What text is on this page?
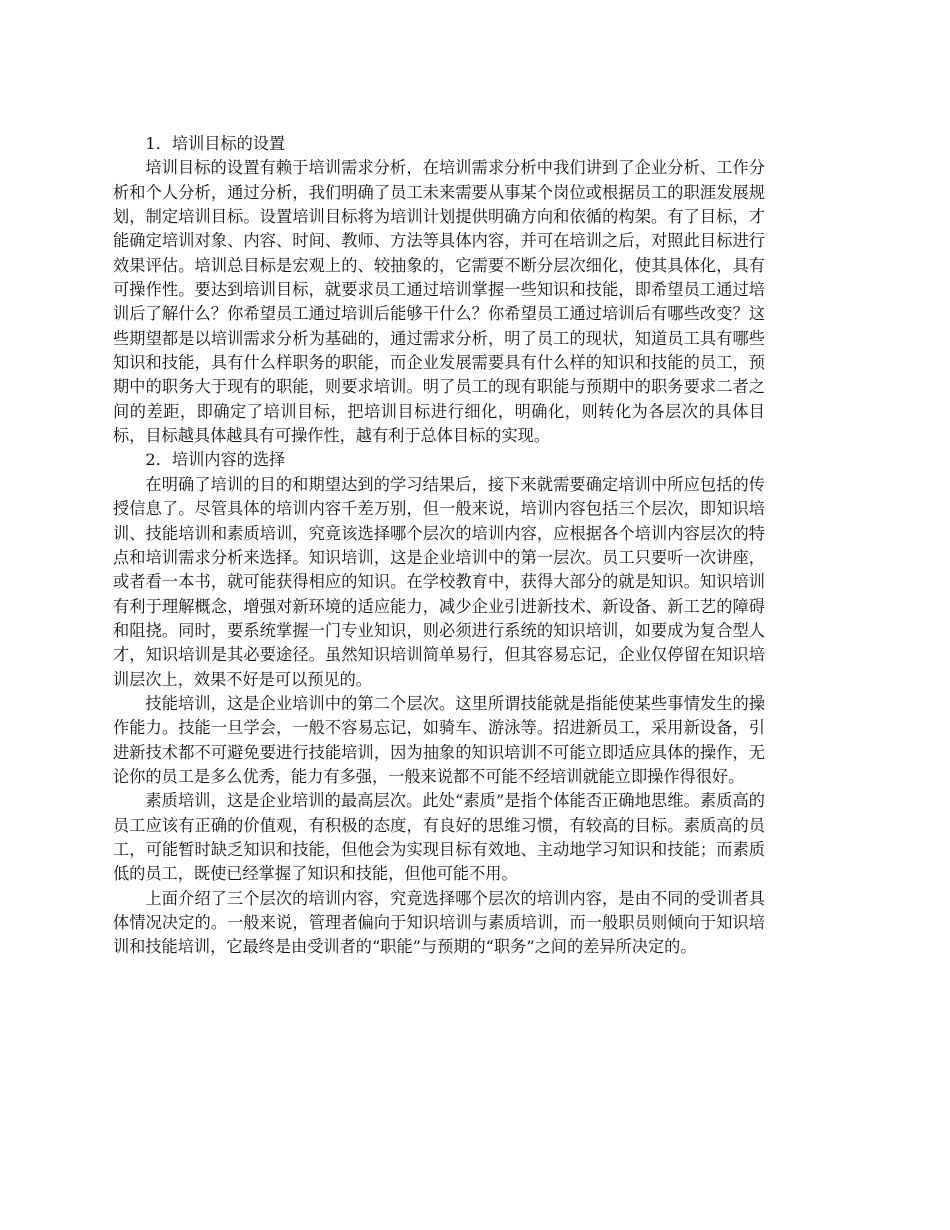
1．培训目标的设置

培训目标的设置有赖于培训需求分析，在培训需求分析中我们讲到了企业分析、工作分析和个人分析，通过分析，我们明确了员工未来需要从事某个岗位或根据员工的职涯发展规划，制定培训目标。设置培训目标将为培训计划提供明确方向和依循的构架。有了目标，才能确定培训对象、内容、时间、教师、方法等具体内容，并可在培训之后，对照此目标进行效果评估。培训总目标是宏观上的、较抽象的，它需要不断分层次细化，使其具体化，具有可操作性。要达到培训目标，就要求员工通过培训掌握一些知识和技能，即希望员工通过培训后了解什么？你希望员工通过培训后能够干什么？你希望员工通过培训后有哪些改变？这些期望都是以培训需求分析为基础的，通过需求分析，明了员工的现状，知道员工具有哪些知识和技能，具有什么样职务的职能，而企业发展需要具有什么样的知识和技能的员工，预期中的职务大于现有的职能，则要求培训。明了员工的现有职能与预期中的职务要求二者之间的差距，即确定了培训目标，把培训目标进行细化，明确化，则转化为各层次的具体目标，目标越具体越具有可操作性，越有利于总体目标的实现。

2．培训内容的选择

在明确了培训的目的和期望达到的学习结果后，接下来就需要确定培训中所应包括的传授信息了。尽管具体的培训内容千差万别，但一般来说，培训内容包括三个层次，即知识培训、技能培训和素质培训，究竟该选择哪个层次的培训内容，应根据各个培训内容层次的特点和培训需求分析来选择。知识培训，这是企业培训中的第一层次。员工只要听一次讲座，或者看一本书，就可能获得相应的知识。在学校教育中，获得大部分的就是知识。知识培训有利于理解概念，增强对新环境的适应能力，减少企业引进新技术、新设备、新工艺的障碍和阻挠。同时，要系统掌握一门专业知识，则必须进行系统的知识培训，如要成为复合型人才，知识培训是其必要途径。虽然知识培训简单易行，但其容易忘记，企业仅停留在知识培训层次上，效果不好是可以预见的。

技能培训，这是企业培训中的第二个层次。这里所谓技能就是指能使某些事情发生的操作能力。技能一旦学会，一般不容易忘记，如骑车、游泳等。招进新员工，采用新设备，引进新技术都不可避免要进行技能培训，因为抽象的知识培训不可能立即适应具体的操作，无论你的员工是多么优秀，能力有多强，一般来说都不可能不经培训就能立即操作得很好。

素质培训，这是企业培训的最高层次。此处“素质”是指个体能否正确地思维。素质高的员工应该有正确的价值观，有积极的态度，有良好的思维习惯，有较高的目标。素质高的员工，可能暂时缺乏知识和技能，但他会为实现目标有效地、主动地学习知识和技能；而素质低的员工，既使已经掌握了知识和技能，但他可能不用。

上面介绍了三个层次的培训内容，究竟选择哪个层次的培训内容，是由不同的受训者具体情况决定的。一般来说，管理者偏向于知识培训与素质培训，而一般职员则倾向于知识培训和技能培训，它最终是由受训者的“职能”与预期的“职务”之间的差异所决定的。
